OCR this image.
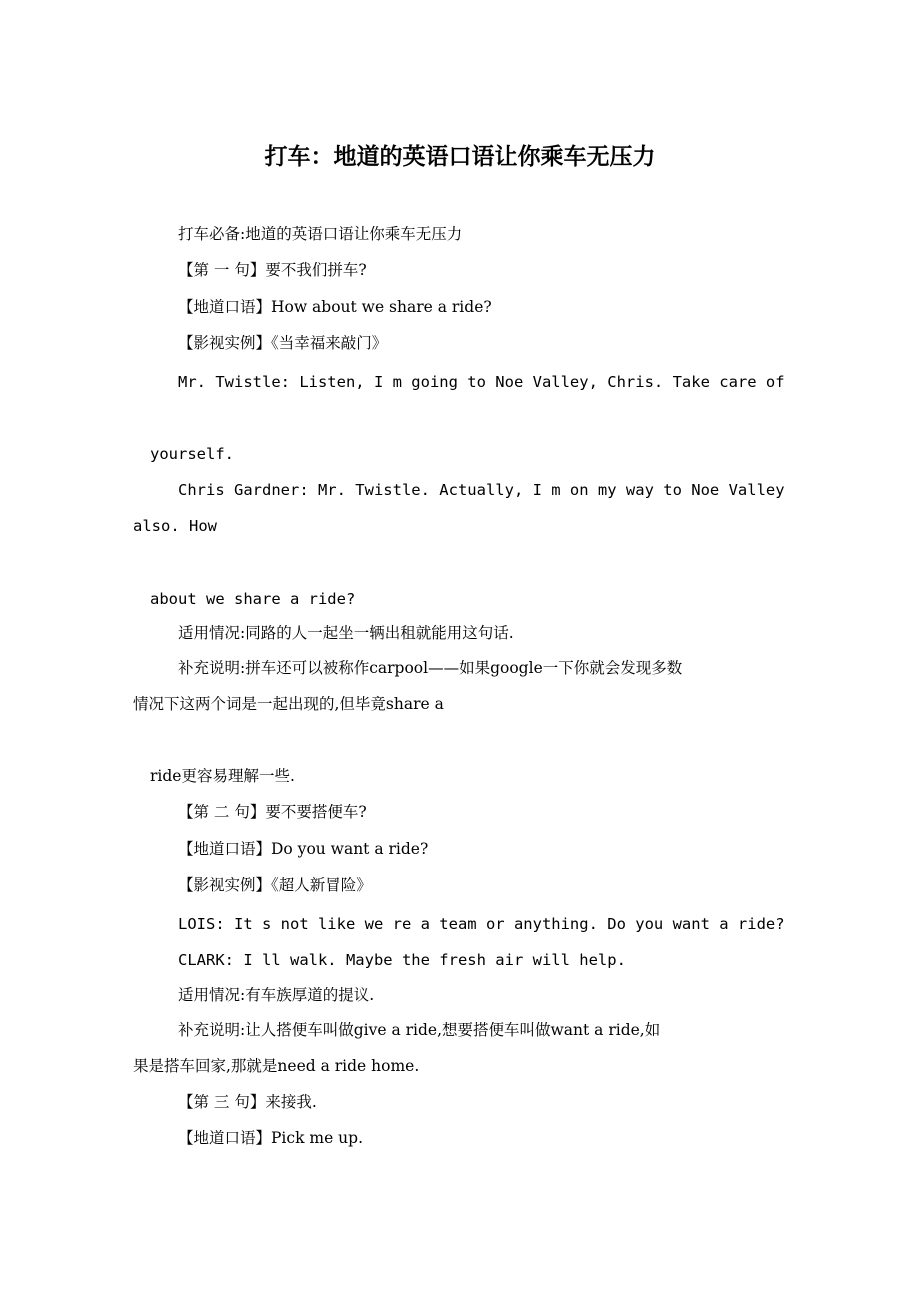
打车：地道的英语口语让你乘车无压力
打车必备:地道的英语口语让你乘车无压力
【第 一 句】要不我们拼车?
【地道口语】How about we share a ride?
【影视实例】《当幸福来敲门》
Mr. Twistle: Listen, I m going to Noe Valley, Chris. Take care of
yourself.
Chris Gardner: Mr. Twistle. Actually, I m on my way to Noe Valley
also. How
about we share a ride?
适用情况:同路的人一起坐一辆出租就能用这句话.
补充说明:拼车还可以被称作carpool——如果google一下你就会发现多数
情况下这两个词是一起出现的,但毕竟share a
ride更容易理解一些.
【第 二 句】要不要搭便车?
【地道口语】Do you want a ride?
【影视实例】《超人新冒险》
LOIS: It s not like we re a team or anything. Do you want a ride?
CLARK: I ll walk. Maybe the fresh air will help.
适用情况:有车族厚道的提议.
补充说明:让人搭便车叫做give a ride,想要搭便车叫做want a ride,如
果是搭车回家,那就是need a ride home.
【第 三 句】来接我.
【地道口语】Pick me up.
